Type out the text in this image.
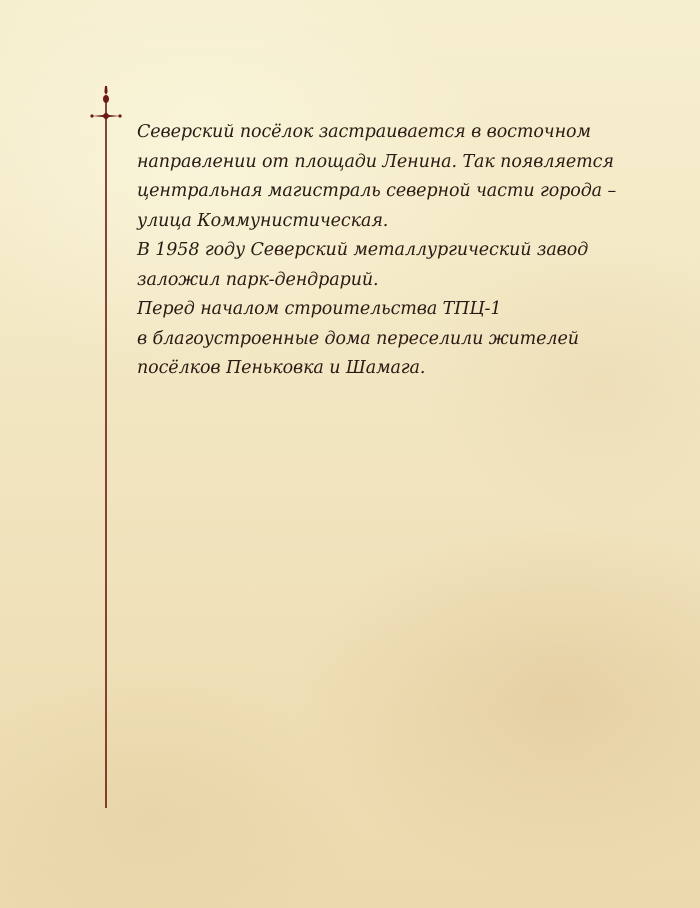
Северский посёлок застраивается в восточном
направлении от площади Ленина. Так появляется
центральная магистраль северной части города –
улица Коммунистическая.
В 1958 году Северский металлургический завод
заложил парк-дендрарий.
Перед началом строительства ТПЦ-1
в благоустроенные дома переселили жителей
посёлков Пеньковка и Шамага.
